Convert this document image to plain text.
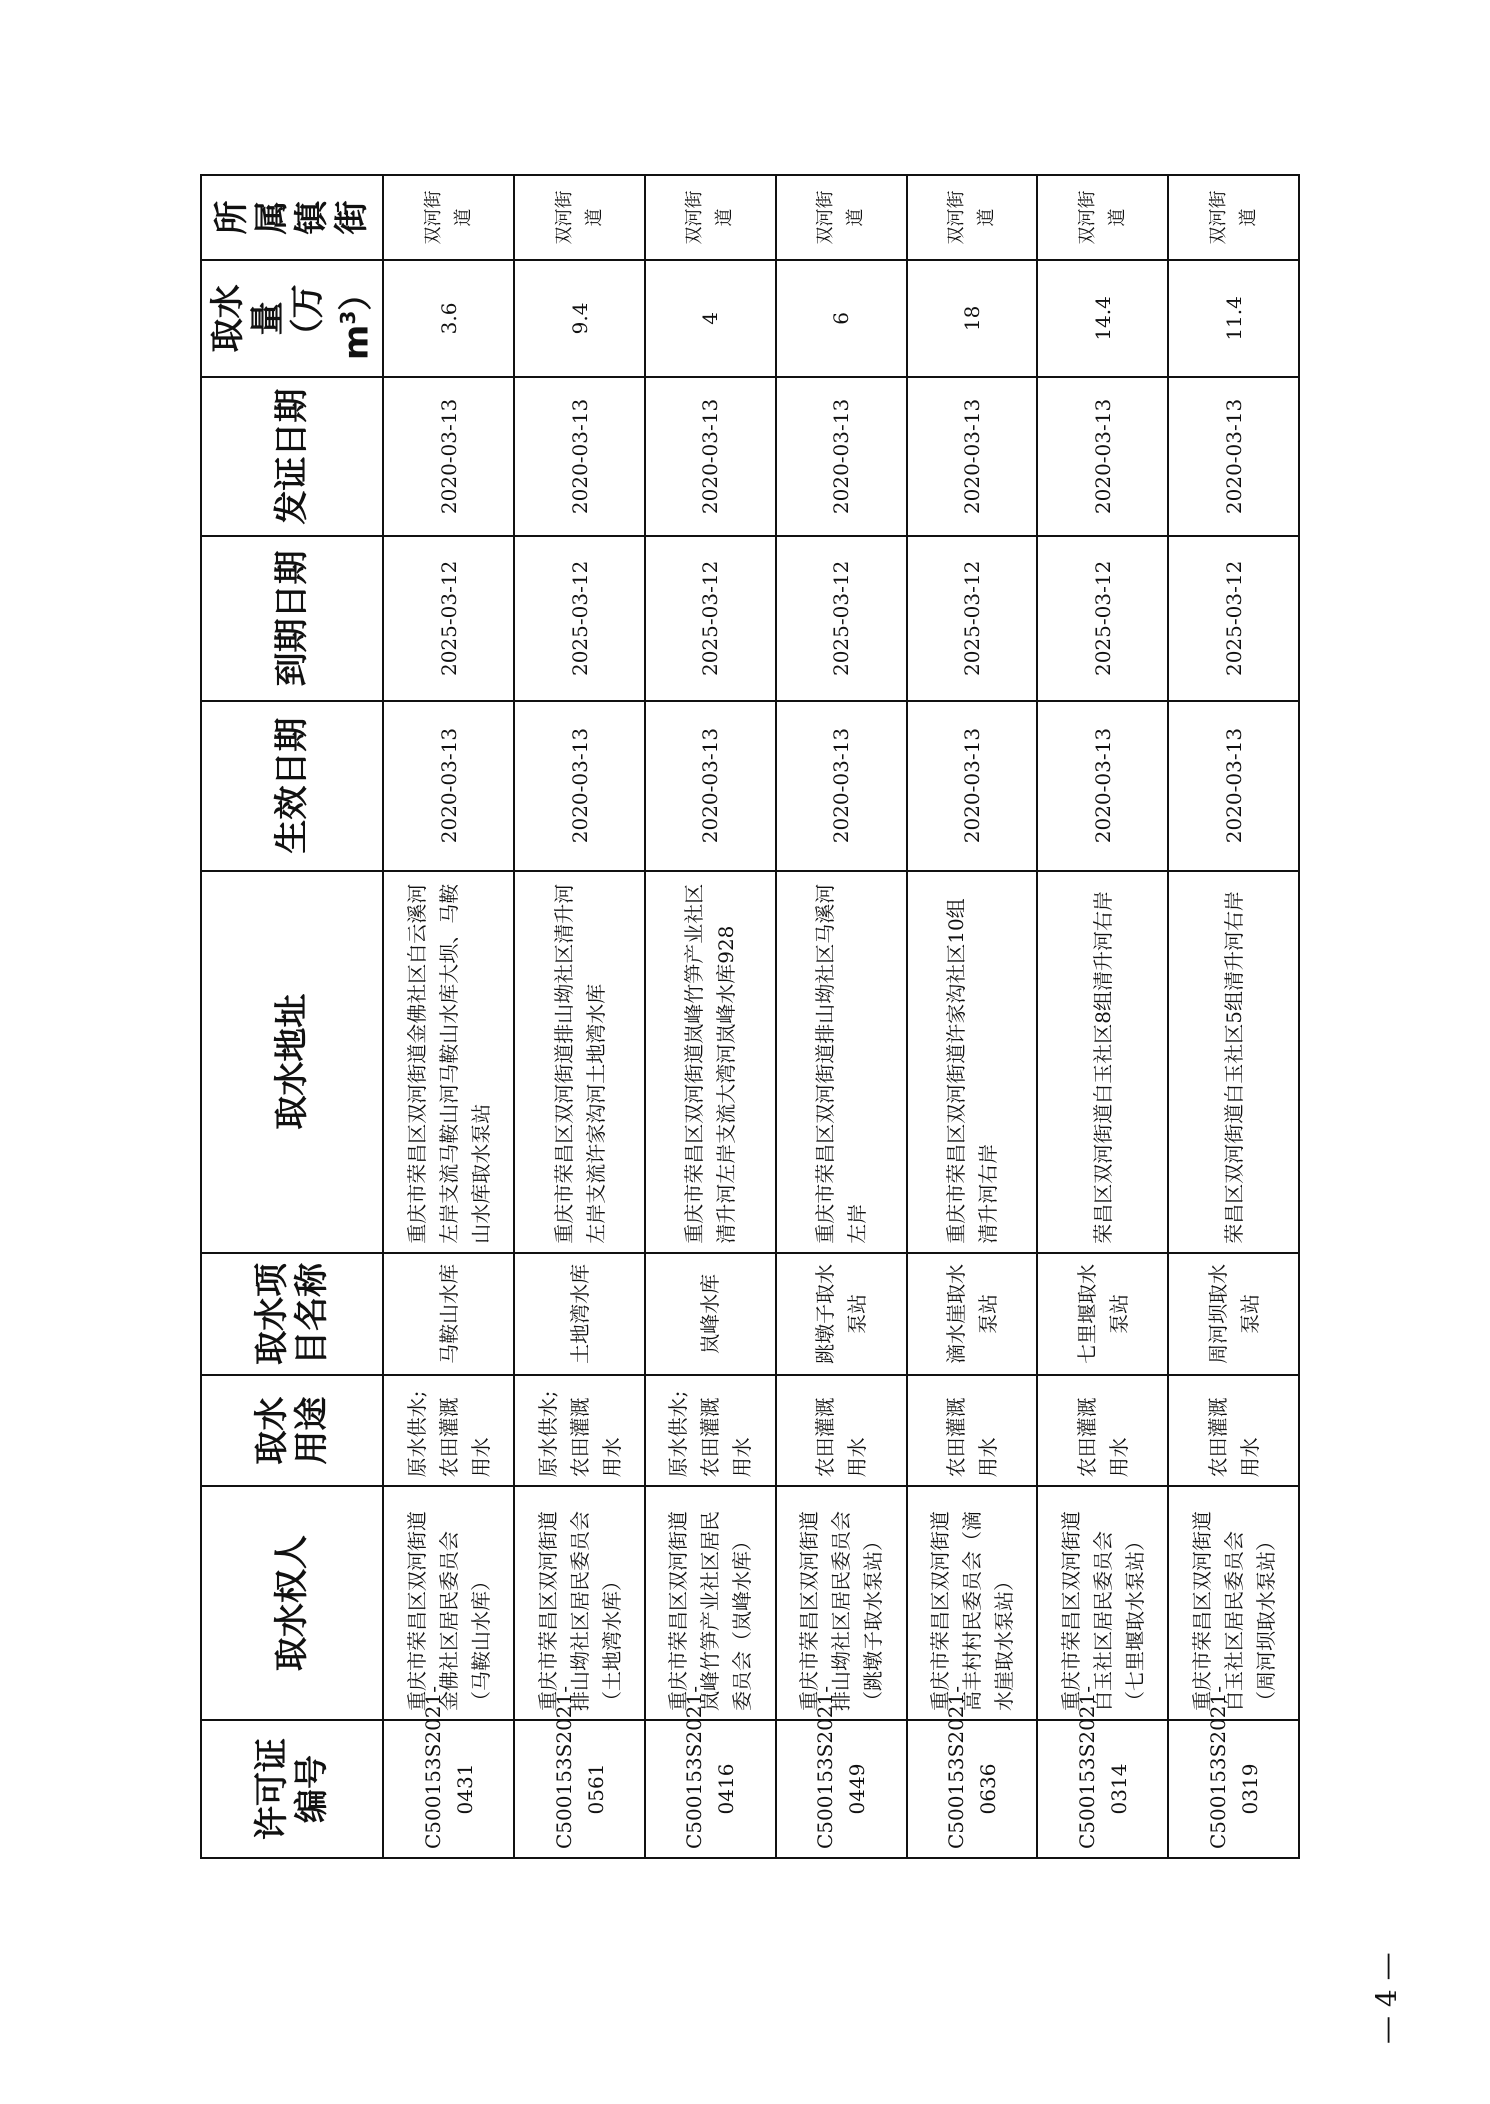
许可证编号	取水权人	取水用途	取水项目名称	取水地址	生效日期	到期日期	发证日期	取水量（万$m^3$）	所属镇街
C500153S2021-0431	重庆市荣昌区双河街道金佛社区居民委员会（马鞍山水库）	原水供水;农田灌溉用水	马鞍山水库	重庆市荣昌区双河街道金佛社区白云溪河左岸支流马鞍山河马鞍山水库大坝、马鞍山水库取水泵站	2020-03-13	2025-03-12	2020-03-13	3.6	双河街道
C500153S2021-0561	重庆市荣昌区双河街道排山坳社区居民委员会（土地湾水库）	原水供水;农田灌溉用水	土地湾水库	重庆市荣昌区双河街道排山坳社区清升河左岸支流许家沟河土地湾水库	2020-03-13	2025-03-12	2020-03-13	9.4	双河街道
C500153S2021-0416	重庆市荣昌区双河街道岚峰竹笋产业社区居民委员会（岚峰水库）	原水供水;农田灌溉用水	岚峰水库	重庆市荣昌区双河街道岚峰竹笋产业社区清升河左岸支流大湾河岚峰水库928	2020-03-13	2025-03-12	2020-03-13	4	双河街道
C500153S2021-0449	重庆市荣昌区双河街道排山坳社区居民委员会（跳墩子取水泵站）	农田灌溉用水	跳墩子取水泵站	重庆市荣昌区双河街道排山坳社区马溪河左岸	2020-03-13	2025-03-12	2020-03-13	6	双河街道
C500153S2021-0636	重庆市荣昌区双河街道高丰村村民委员会（滴水崖取水泵站）	农田灌溉用水	滴水崖取水泵站	重庆市荣昌区双河街道许家沟社区10组清升河右岸	2020-03-13	2025-03-12	2020-03-13	18	双河街道
C500153S2021-0314	重庆市荣昌区双河街道白玉社区居民委员会（七里堰取水泵站）	农田灌溉用水	七里堰取水泵站	荣昌区双河街道白玉社区8组清升河右岸	2020-03-13	2025-03-12	2020-03-13	14.4	双河街道
C500153S2021-0319	重庆市荣昌区双河街道白玉社区居民委员会（周河坝取水泵站）	农田灌溉用水	周河坝取水泵站	荣昌区双河街道白玉社区5组清升河右岸	2020-03-13	2025-03-12	2020-03-13	11.4	双河街道
— 4 —
